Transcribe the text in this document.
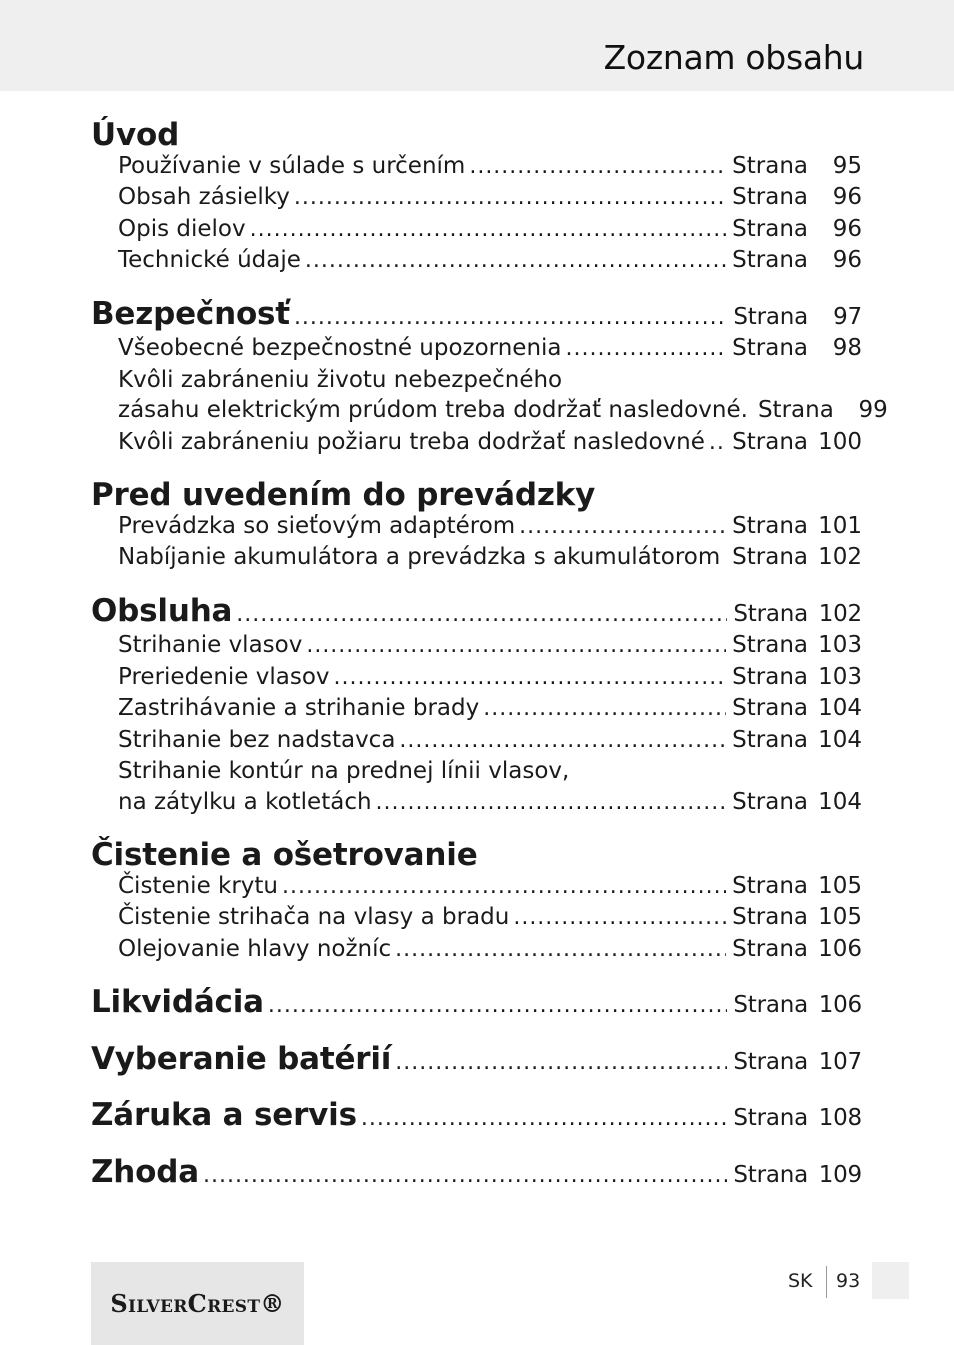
Zoznam obsahu
Úvod
Používanie v súlade s určením .....	Strana	95
Obsah zásielky .....	Strana	96
Opis dielov .....	Strana	96
Technické údaje .....	Strana	96
Bezpečnosť .....	Strana	97
Všeobecné bezpečnostné upozornenia .....	Strana	98
Kvôli zabráneniu životu nebezpečného
zásahu elektrickým prúdom treba dodržať nasledovné. Strana	99
Kvôli zabráneniu požiaru treba dodržať nasledovné ..... Strana 100
Pred uvedením do prevádzky
Prevádzka so sieťovým adaptérom .....	Strana 101
Nabíjanie akumulátora a prevádzka s akumulátorom ..... Strana 102
Obsluha .....	Strana 102
Strihanie vlasov .....	Strana 103
Preriedenie vlasov .....	Strana 103
Zastrihávanie a strihanie brady .....	Strana 104
Strihanie bez nadstavca .....	Strana 104
Strihanie kontúr na prednej línii vlasov,
na zátylku a kotletách .....	Strana 104
Čistenie a ošetrovanie
Čistenie krytu .....	Strana 105
Čistenie strihača na vlasy a bradu .....	Strana 105
Olejovanie hlavy nožníc .....	Strana 106
Likvidácia .....	Strana 106
Vyberanie batérií .....	Strana 107
Záruka a servis .....	Strana 108
Zhoda .....	Strana 109
SilverCrest®
SK 93
